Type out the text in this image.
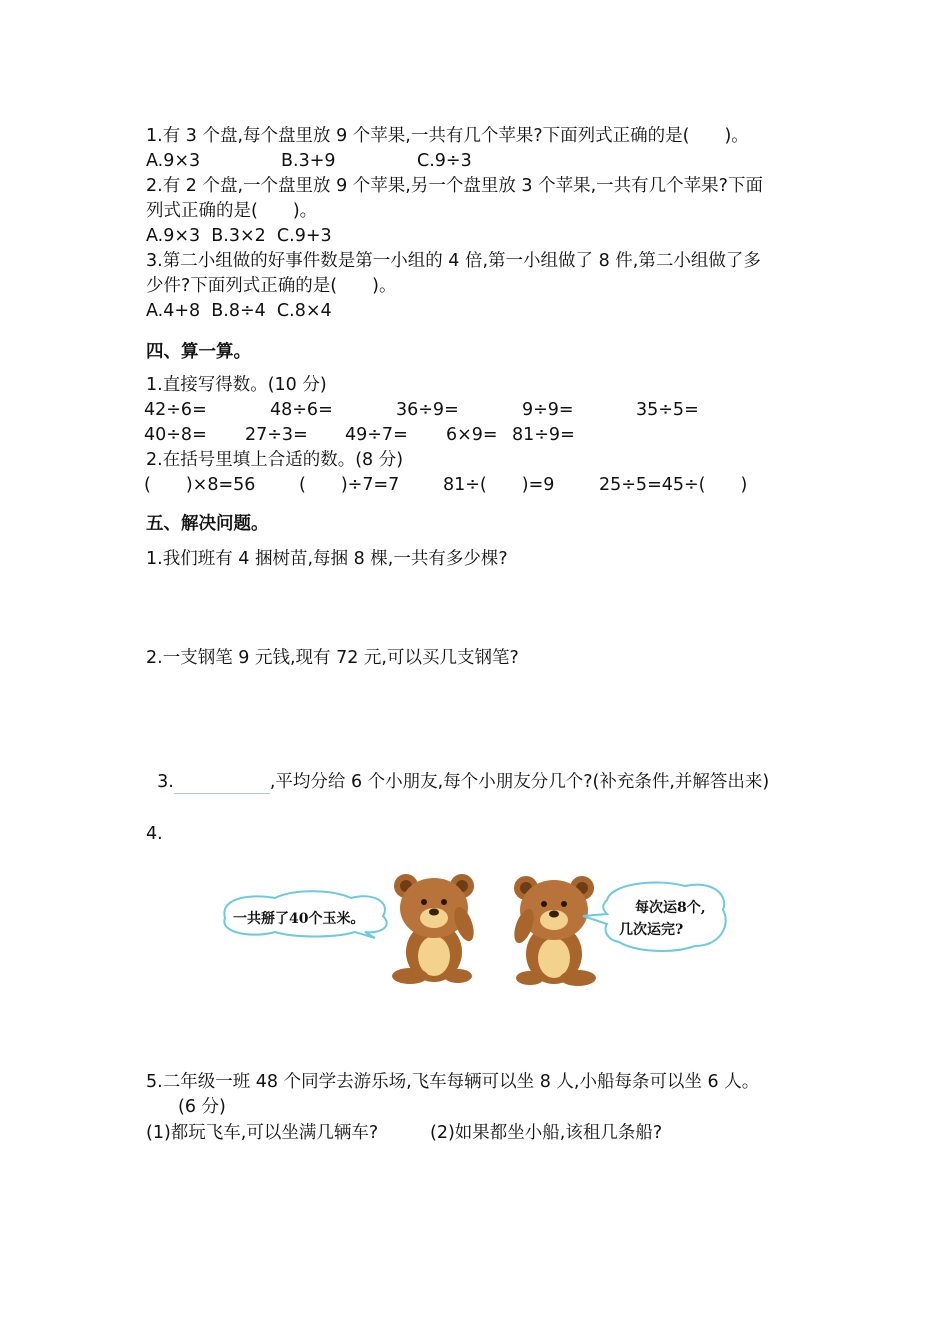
1.有 3 个盘,每个盘里放 9 个苹果,一共有几个苹果?下面列式正确的是(　　)。
A.9×3	B.3+9	C.9÷3
2.有 2 个盘,一个盘里放 9 个苹果,另一个盘里放 3 个苹果,一共有几个苹果?下面
列式正确的是(　　)。
A.9×3  B.3×2  C.9+3
3.第二小组做的好事件数是第一小组的 4 倍,第一小组做了 8 件,第二小组做了多
少件?下面列式正确的是(　　)。
A.4+8  B.8÷4  C.8×4
四、算一算。
1.直接写得数。(10 分)
42÷6=	48÷6=	36÷9=	9÷9=	35÷5=
40÷8= 27÷3= 49÷7= 6×9= 81÷9=
2.在括号里填上合适的数。(8 分)
(　　)×8=56 (　　)÷7=7	81÷(　　)=9	25÷5=45÷(　　)
五、解决问题。
1.我们班有 4 捆树苗,每捆 8 棵,一共有多少棵?
2.一支钢笔 9 元钱,现有 72 元,可以买几支钢笔?

3.	,平均分给 6 个小朋友,每个小朋友分几个?(补充条件,并解答出来)

4.
一共掰了40个玉米。
每次运8个,
几次运完?
5.二年级一班 48 个同学去游乐场,飞车每辆可以坐 8 人,小船每条可以坐 6 人。
(6 分)
(1)都玩飞车,可以坐满几辆车?	(2)如果都坐小船,该租几条船?
